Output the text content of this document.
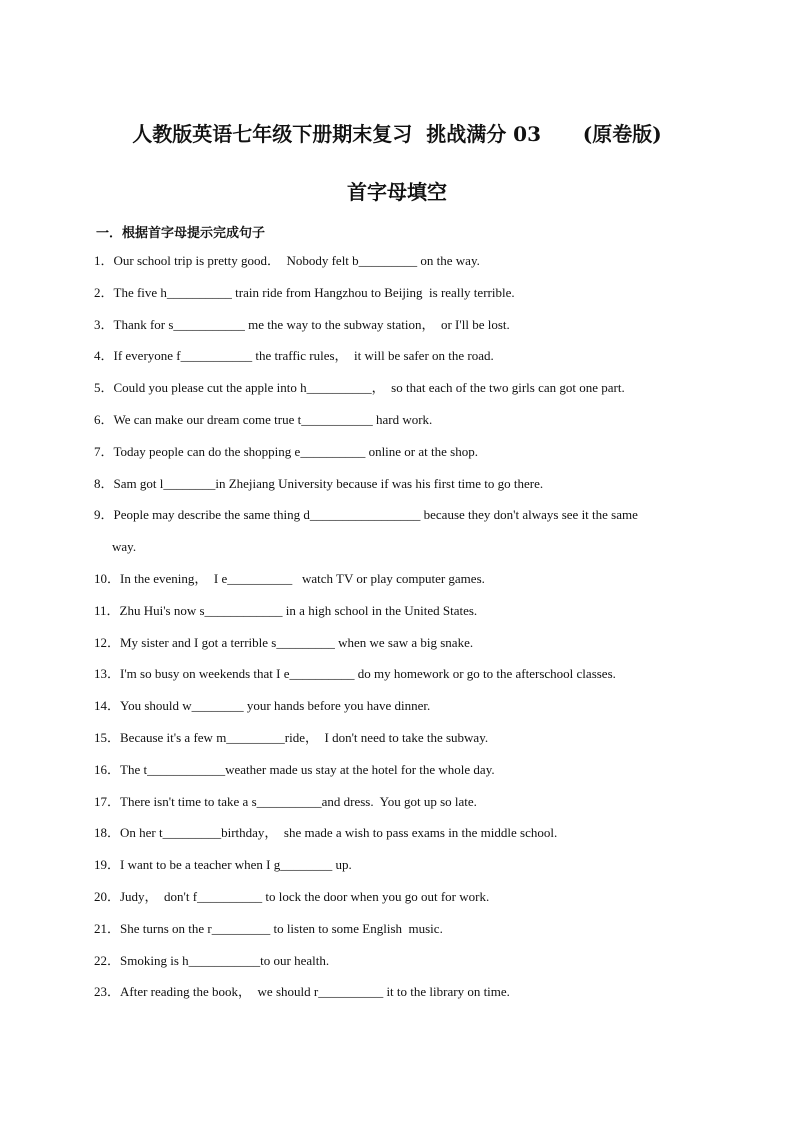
人教版英语七年级下册期末复习  挑战满分 03      (原卷版)
首字母填空
一．根据首字母提示完成句子
1．Our school trip is pretty good．  Nobody felt b_________ on the way.
2．The five h__________ train ride from Hangzhou to Beijing  is really terrible.
3．Thank for s___________ me the way to the subway station，  or I'll be lost.
4．If everyone f___________ the traffic rules，  it will be safer on the road.
5．Could you please cut the apple into h__________，  so that each of the two girls can got one part.
6．We can make our dream come true t___________ hard work.
7．Today people can do the shopping e__________ online or at the shop.
8．Sam got l________in Zhejiang University because if was his first time to go there.
9．People may describe the same thing d_________________ because they don't always see it the same
way.
10．In the evening，  I e__________   watch TV or play computer games.
11．Zhu Hui's now s____________ in a high school in the United States.
12．My sister and I got a terrible s_________ when we saw a big snake.
13．I'm so busy on weekends that I e__________ do my homework or go to the afterschool classes.
14．You should w________ your hands before you have dinner.
15．Because it's a few m_________ride，  I don't need to take the subway.
16．The t____________weather made us stay at the hotel for the whole day.
17．There isn't time to take a s__________and dress.  You got up so late.
18．On her t_________birthday，  she made a wish to pass exams in the middle school.
19．I want to be a teacher when I g________ up.
20．Judy，  don't f__________ to lock the door when you go out for work.
21．She turns on the r_________ to listen to some English  music.
22．Smoking is h___________to our health.
23．After reading the book，  we should r__________ it to the library on time.
